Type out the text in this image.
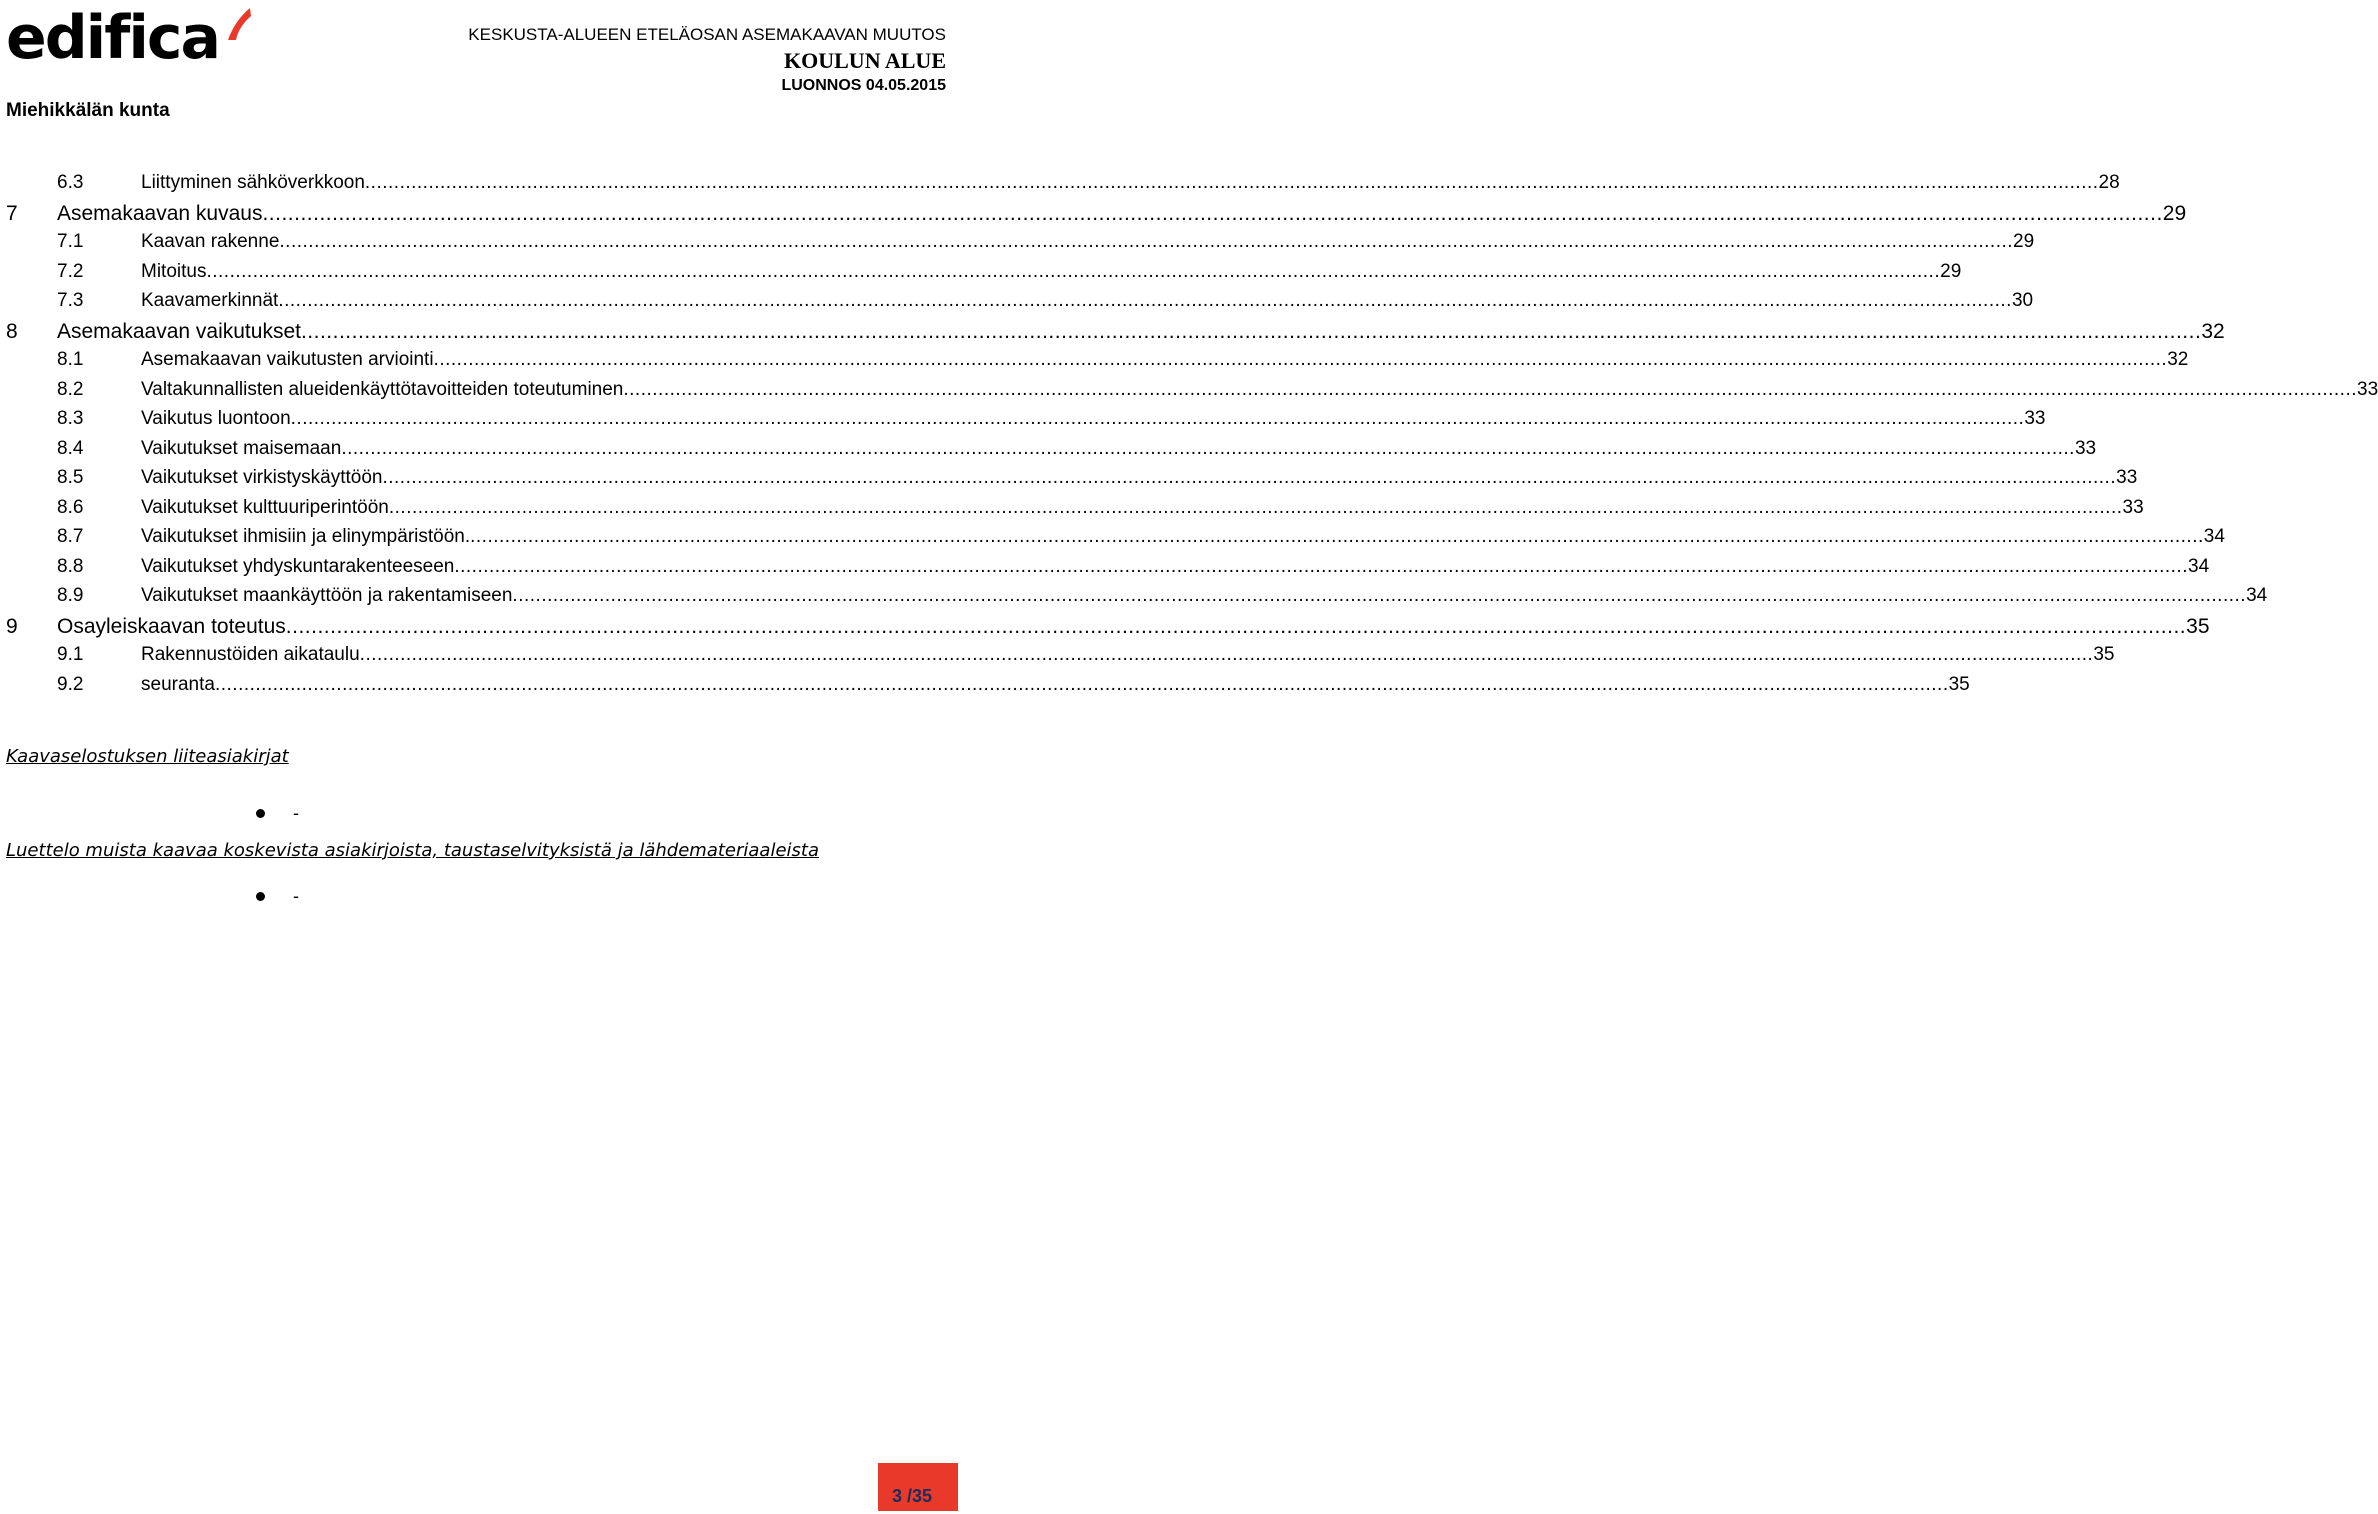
edifica
Miehikkälän kunta
KESKUSTA-ALUEEN ETELÄOSAN ASEMAKAAVAN MUUTOS
KOULUN ALUE
LUONNOS 04.05.2015
6.3	Liittyminen sähköverkkoon ............................................................................................................................................................................................................................................................................................................ 28
7 Asemakaavan kuvaus ............................................................................................................................................................................................................................................................................................................ 29
7.1	Kaavan rakenne ............................................................................................................................................................................................................................................................................................................ 29
7.2	Mitoitus ............................................................................................................................................................................................................................................................................................................ 29
7.3	Kaavamerkinnät ............................................................................................................................................................................................................................................................................................................ 30
8 Asemakaavan vaikutukset ............................................................................................................................................................................................................................................................................................................ 32
8.1	Asemakaavan vaikutusten arviointi ............................................................................................................................................................................................................................................................................................................ 32
8.2	Valtakunnallisten alueidenkäyttötavoitteiden toteutuminen ............................................................................................................................................................................................................................................................................................................ 33
8.3	Vaikutus luontoon ............................................................................................................................................................................................................................................................................................................ 33
8.4	Vaikutukset maisemaan ............................................................................................................................................................................................................................................................................................................ 33
8.5	Vaikutukset virkistyskäyttöön ............................................................................................................................................................................................................................................................................................................ 33
8.6	Vaikutukset kulttuuriperintöön ............................................................................................................................................................................................................................................................................................................ 33
8.7	Vaikutukset ihmisiin ja elinympäristöön. ............................................................................................................................................................................................................................................................................................................ 34
8.8	Vaikutukset yhdyskuntarakenteeseen ............................................................................................................................................................................................................................................................................................................ 34
8.9	Vaikutukset maankäyttöön ja rakentamiseen ............................................................................................................................................................................................................................................................................................................ 34
9 Osayleiskaavan toteutus ............................................................................................................................................................................................................................................................................................................ 35
9.1	Rakennustöiden aikataulu ............................................................................................................................................................................................................................................................................................................ 35
9.2	seuranta ............................................................................................................................................................................................................................................................................................................ 35
Kaavaselostuksen liiteasiakirjat
-
Luettelo muista kaavaa koskevista asiakirjoista, taustaselvityksistä ja lähdemateriaaleista
-
3 /35
